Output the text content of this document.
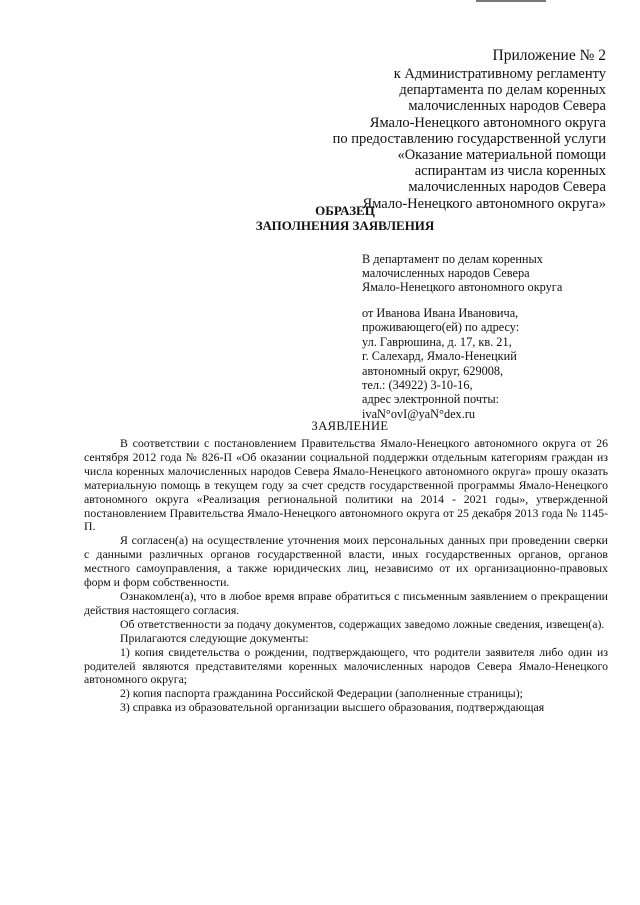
Приложение № 2
к Административному регламенту
департамента по делам коренных
малочисленных народов Севера
Ямало-Ненецкого автономного округа
по предоставлению государственной услуги
«Оказание материальной помощи
аспирантам из числа коренных
малочисленных народов Севера
Ямало-Ненецкого автономного округа»
ОБРАЗЕЦ
ЗАПОЛНЕНИЯ ЗАЯВЛЕНИЯ
В департамент по делам коренных
малочисленных народов Севера
Ямало-Ненецкого автономного округа
от Иванова Ивана Ивановича,
проживающего(ей) по адресу:
ул. Гаврюшина, д. 17, кв. 21,
г. Салехард, Ямало-Ненецкий
автономный округ, 629008,
тел.: (34922) 3-10-16,
адрес электронной почты:
ivaN°ovI@yaN°dex.ru
ЗАЯВЛЕНИЕ

В соответствии с постановлением Правительства Ямало-Ненецкого автономного округа от 26 сентября 2012 года № 826-П «Об оказании социальной поддержки отдельным категориям граждан из числа коренных малочисленных народов Севера Ямало-Ненецкого автономного округа» прошу оказать материальную помощь в текущем году за счет средств государственной программы Ямало-Ненецкого автономного округа «Реализация региональной политики на 2014 - 2021 годы», утвержденной постановлением Правительства Ямало-Ненецкого автономного округа от 25 декабря 2013 года № 1145-П.

Я согласен(а) на осуществление уточнения моих персональных данных при проведении сверки с данными различных органов государственной власти, иных государственных органов, органов местного самоуправления, а также юридических лиц, независимо от их организационно-правовых форм и форм собственности.

Ознакомлен(а), что в любое время вправе обратиться с письменным заявлением о прекращении действия настоящего согласия.

Об ответственности за подачу документов, содержащих заведомо ложные сведения, извещен(а).

Прилагаются следующие документы:

1) копия свидетельства о рождении, подтверждающего, что родители заявителя либо один из родителей являются представителями коренных малочисленных народов Севера Ямало-Ненецкого автономного округа;

2) копия паспорта гражданина Российской Федерации (заполненные страницы);

3) справка из образовательной организации высшего образования, подтверждающая
